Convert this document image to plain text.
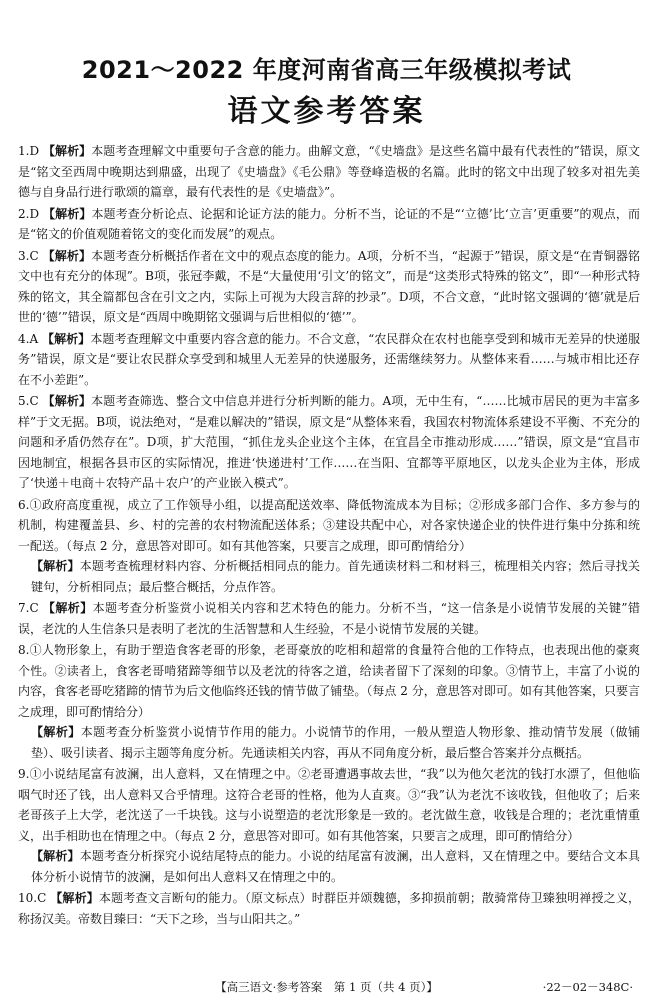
2021～2022 年度河南省高三年级模拟考试
语文参考答案

1.D 【解析】本题考查理解文中重要句子含意的能力。曲解文意，“《史墙盘》是这些名篇中最有代表性的”错误，原文是“铭文至西周中晚期达到鼎盛，出现了《史墙盘》《毛公鼎》等登峰造极的名篇。此时的铭文中出现了较多对祖先美德与自身品行进行歌颂的篇章，最有代表性的是《史墙盘》”。

2.D 【解析】本题考查分析论点、论据和论证方法的能力。分析不当，论证的不是“‘立德’比‘立言’更重要”的观点，而是“铭文的价值观随着铭文的变化而发展”的观点。

3.C 【解析】本题考查分析概括作者在文中的观点态度的能力。A项，分析不当，“起源于”错误，原文是“在青铜器铭文中也有充分的体现”。B项，张冠李戴，不是“大量使用‘引文’的铭文”，而是“这类形式特殊的铭文”，即“一种形式特殊的铭文，其全篇都包含在引文之内，实际上可视为大段言辞的抄录”。D项，不合文意，“此时铭文强调的‘德’就是后世的‘德’”错误，原文是“西周中晚期铭文强调与后世相似的‘德’”。

4.A 【解析】本题考查理解文中重要内容含意的能力。不合文意，“农民群众在农村也能享受到和城市无差异的快递服务”错误，原文是“要让农民群众享受到和城里人无差异的快递服务，还需继续努力。从整体来看……与城市相比还存在不小差距”。

5.C 【解析】本题考查筛选、整合文中信息并进行分析判断的能力。A项，无中生有，“……比城市居民的更为丰富多样”于文无据。B项，说法绝对，“是难以解决的”错误，原文是“从整体来看，我国农村物流体系建设不平衡、不充分的问题和矛盾仍然存在”。D项，扩大范围，“抓住龙头企业这个主体，在宜昌全市推动形成……”错误，原文是“宜昌市因地制宜，根据各县市区的实际情况，推进‘快递进村’工作……在当阳、宜都等平原地区，以龙头企业为主体，形成了‘快递＋电商＋农特产品＋农户’的产业嵌入模式”。

6.①政府高度重视，成立了工作领导小组，以提高配送效率、降低物流成本为目标；②形成多部门合作、多方参与的机制，构建覆盖县、乡、村的完善的农村物流配送体系；③建设共配中心，对各家快递企业的快件进行集中分拣和统一配送。（每点 2 分，意思答对即可。如有其他答案，只要言之成理，即可酌情给分）

【解析】本题考查梳理材料内容、分析概括相同点的能力。首先通读材料二和材料三，梳理相关内容；然后寻找关键句，分析相同点；最后整合概括，分点作答。

7.C 【解析】本题考查分析鉴赏小说相关内容和艺术特色的能力。分析不当，“这一信条是小说情节发展的关键”错误，老沈的人生信条只是表明了老沈的生活智慧和人生经验，不是小说情节发展的关键。

8.①人物形象上，有助于塑造食客老哥的形象，老哥豪放的吃相和超常的食量符合他的工作特点，也表现出他的豪爽个性。②读者上，食客老哥啃猪蹄等细节以及老沈的待客之道，给读者留下了深刻的印象。③情节上，丰富了小说的内容，食客老哥吃猪蹄的情节为后文他临终还钱的情节做了铺垫。（每点 2 分，意思答对即可。如有其他答案，只要言之成理，即可酌情给分）

【解析】本题考查分析鉴赏小说情节作用的能力。小说情节的作用，一般从塑造人物形象、推动情节发展（做铺垫）、吸引读者、揭示主题等角度分析。先通读相关内容，再从不同角度分析，最后整合答案并分点概括。

9.①小说结尾富有波澜，出人意料，又在情理之中。②老哥遭遇事故去世，“我”以为他欠老沈的钱打水漂了，但他临咽气时还了钱，出人意料又合乎情理。这符合老哥的性格，他为人直爽。③“我”认为老沈不该收钱，但他收了；后来老哥孩子上大学，老沈送了一千块钱。这与小说塑造的老沈形象是一致的。老沈做生意，收钱是合理的；老沈重情重义，出手相助也在情理之中。（每点 2 分，意思答对即可。如有其他答案，只要言之成理，即可酌情给分）

【解析】本题考查分析探究小说结尾特点的能力。小说的结尾富有波澜，出人意料，又在情理之中。要结合文本具体分析小说情节的波澜，是如何出人意料又在情理之中的。

10.C 【解析】本题考查文言断句的能力。（原文标点）时群臣并颂魏德，多抑损前朝；散骑常侍卫臻独明禅授之义，称扬汉美。帝数目臻曰：“天下之珍，当与山阳共之。”

【高三语文·参考答案　第 1 页（共 4 页）】	·22－02－348C·
